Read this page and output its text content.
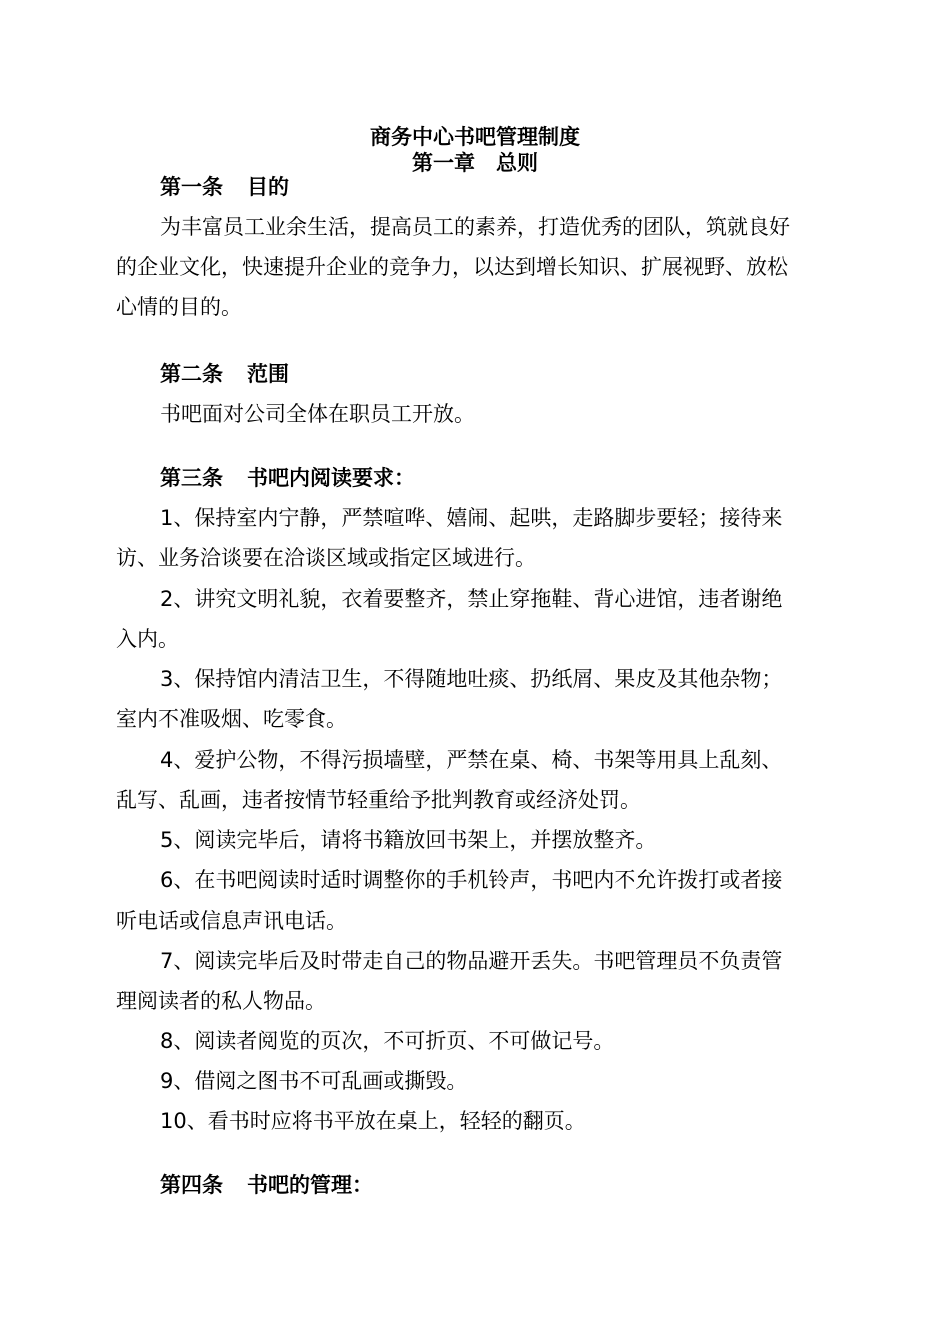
商务中心书吧管理制度
第一章　总则
第一条 目的
为丰富员工业余生活，提高员工的素养，打造优秀的团队，筑就良好
的企业文化，快速提升企业的竞争力，以达到增长知识、扩展视野、放松
心情的目的。
第二条 范围
书吧面对公司全体在职员工开放。
第三条 书吧内阅读要求：
1、保持室内宁静，严禁喧哗、嬉闹、起哄，走路脚步要轻；接待来
访、业务洽谈要在洽谈区域或指定区域进行。
2、讲究文明礼貌，衣着要整齐，禁止穿拖鞋、背心进馆，违者谢绝
入内。
3、保持馆内清洁卫生，不得随地吐痰、扔纸屑、果皮及其他杂物；
室内不准吸烟、吃零食。
4、爱护公物，不得污损墙壁，严禁在桌、椅、书架等用具上乱刻、
乱写、乱画，违者按情节轻重给予批判教育或经济处罚。
5、阅读完毕后，请将书籍放回书架上，并摆放整齐。
6、在书吧阅读时适时调整你的手机铃声，书吧内不允许拨打或者接
听电话或信息声讯电话。
7、阅读完毕后及时带走自己的物品避开丢失。书吧管理员不负责管
理阅读者的私人物品。
8、阅读者阅览的页次，不可折页、不可做记号。
9、借阅之图书不可乱画或撕毁。
10、看书时应将书平放在桌上，轻轻的翻页。
第四条 书吧的管理：
